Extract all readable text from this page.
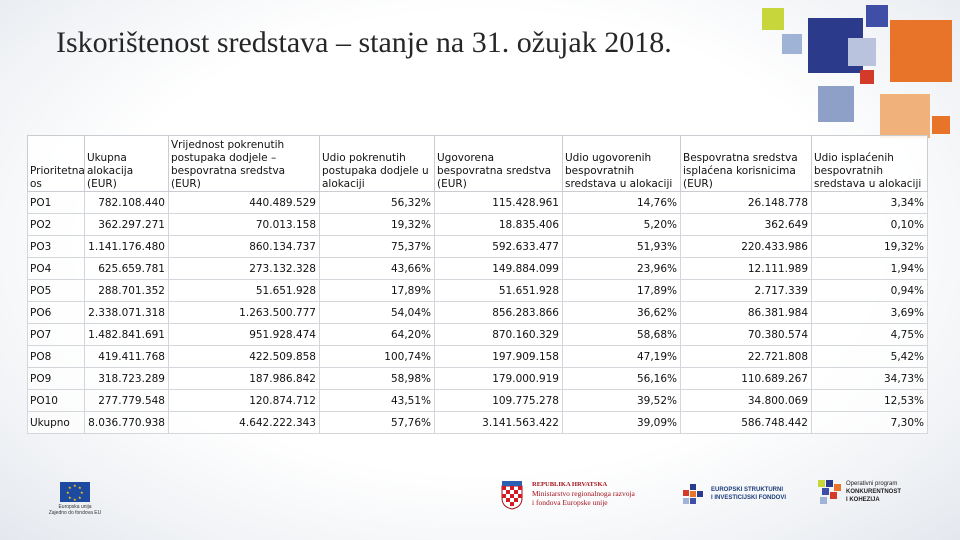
Iskorištenost sredstava – stanje na 31. ožujak 2018.
Prioritetna os	Ukupna alokacija (EUR)	Vrijednost pokrenutih postupaka dodjele – bespovratna sredstva (EUR)	Udio pokrenutih postupaka dodjele u alokaciji	Ugovorena bespovratna sredstva (EUR)	Udio ugovorenih bespovratnih sredstava u alokaciji	Bespovratna sredstva isplaćena korisnicima (EUR)	Udio isplaćenih bespovratnih sredstava u alokaciji
PO1	782.108.440	440.489.529	56,32%	115.428.961	14,76%	26.148.778	3,34%
PO2	362.297.271	70.013.158	19,32%	18.835.406	5,20%	362.649	0,10%
PO3	1.141.176.480	860.134.737	75,37%	592.633.477	51,93%	220.433.986	19,32%
PO4	625.659.781	273.132.328	43,66%	149.884.099	23,96%	12.111.989	1,94%
PO5	288.701.352	51.651.928	17,89%	51.651.928	17,89%	2.717.339	0,94%
PO6	2.338.071.318	1.263.500.777	54,04%	856.283.866	36,62%	86.381.984	3,69%
PO7	1.482.841.691	951.928.474	64,20%	870.160.329	58,68%	70.380.574	4,75%
PO8	419.411.768	422.509.858	100,74%	197.909.158	47,19%	22.721.808	5,42%
PO9	318.723.289	187.986.842	58,98%	179.000.919	56,16%	110.689.267	34,73%
PO10	277.779.548	120.874.712	43,51%	109.775.278	39,52%	34.800.069	12,53%
Ukupno	8.036.770.938	4.642.222.343	57,76%	3.141.563.422	39,09%	586.748.442	7,30%
★ ★
★
★
★
★
★
★
Europska unija
Zajedno do fondova EU
REPUBLIKA HRVATSKA
Ministarstvo regionalnoga razvoja
i fondova Europske unije
EUROPSKI STRUKTURNI
I INVESTICIJSKI FONDOVI
Operativni program
KONKURENTNOST
I KOHEZIJA
